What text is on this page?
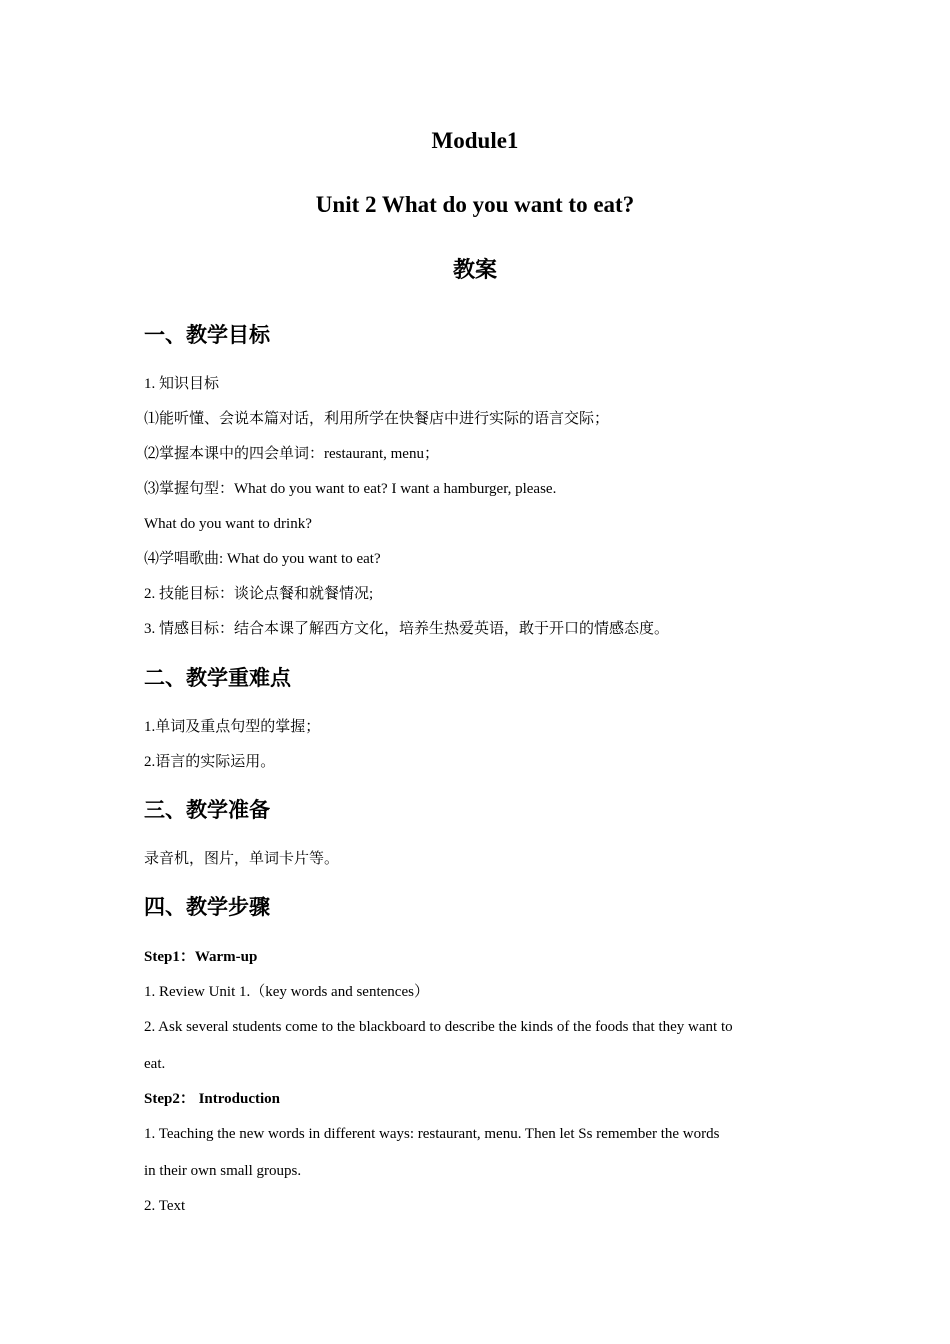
Module1
Unit 2 What do you want to eat?
教案
一、教学目标
1. 知识目标
⑴能听懂、会说本篇对话，利用所学在快餐店中进行实际的语言交际；
⑵掌握本课中的四会单词：restaurant, menu；
⑶掌握句型：What do you want to eat? I want a hamburger, please.
What do you want to drink?
⑷学唱歌曲: What do you want to eat?
2. 技能目标：谈论点餐和就餐情况;
3. 情感目标：结合本课了解西方文化，培养生热爱英语，敢于开口的情感态度。
二、教学重难点
1.单词及重点句型的掌握；
2.语言的实际运用。
三、教学准备
录音机，图片，单词卡片等。
四、教学步骤
Step1：Warm-up
1. Review Unit 1.（key words and sentences）
2. Ask several students come to the blackboard to describe the kinds of the foods that they want to
eat.
Step2： Introduction
1. Teaching the new words in different ways: restaurant, menu. Then let Ss remember the words
in their own small groups.
2. Text
